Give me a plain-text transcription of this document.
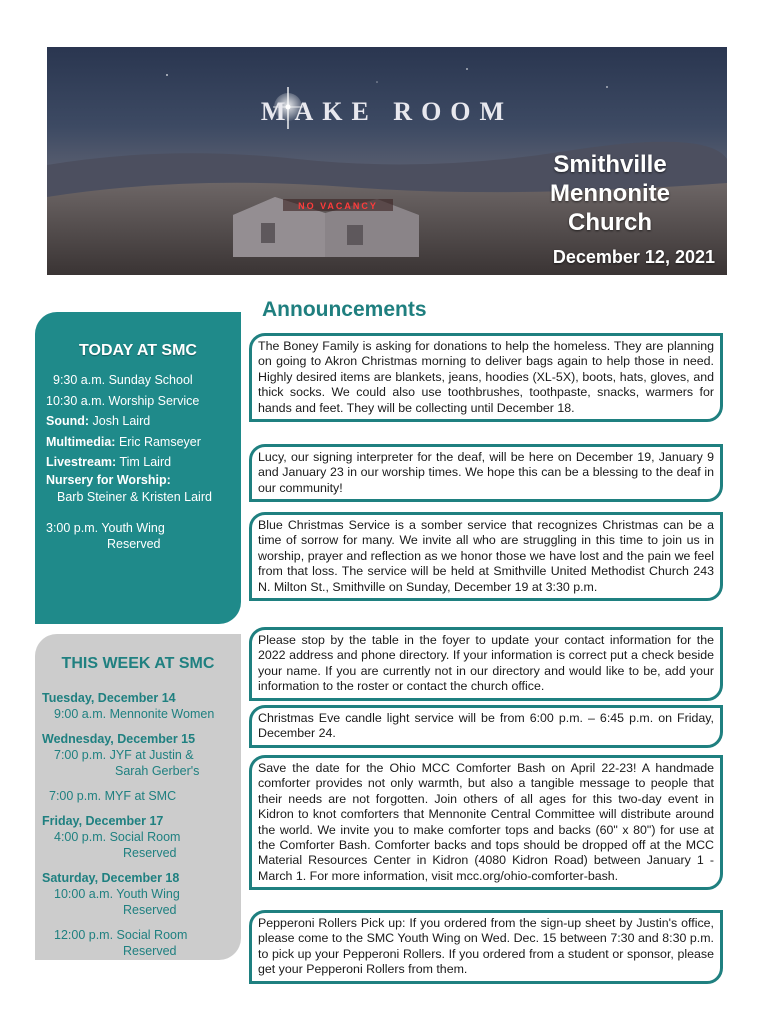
NO VACANCY
MAKE ROOM
Smithville
Mennonite
Church
December 12, 2021
TODAY AT SMC
9:30 a.m. Sunday School
10:30 a.m. Worship Service
Sound: Josh Laird
Multimedia: Eric Ramseyer
Livestream: Tim Laird
Nursery for Worship:
Barb Steiner & Kristen Laird
3:00 p.m. Youth Wing
Reserved
THIS WEEK AT SMC
Tuesday, December 14
9:00 a.m. Mennonite Women
Wednesday, December 15
7:00 p.m. JYF at Justin &
Sarah Gerber's
7:00 p.m. MYF at SMC
Friday, December 17
4:00 p.m. Social Room
Reserved
Saturday, December 18
10:00 a.m. Youth Wing
Reserved
12:00 p.m. Social Room
Reserved
Announcements

The Boney Family is asking for donations to help the homeless. They are planning on going to Akron Christmas morning to deliver bags again to help those in need. Highly desired items are blankets, jeans, hoodies (XL-5X), boots, hats, gloves, and thick socks. We could also use toothbrushes, toothpaste, snacks, warmers for hands and feet. They will be collecting until December 18.

Lucy, our signing interpreter for the deaf, will be here on December 19, January 9 and January 23 in our worship times. We hope this can be a blessing to the deaf in our community!

Blue Christmas Service is a somber service that recognizes Christmas can be a time of sorrow for many. We invite all who are struggling in this time to join us in worship, prayer and reflection as we honor those we have lost and the pain we feel from that loss. The service will be held at Smithville United Methodist Church 243 N. Milton St., Smithville on Sunday, December 19 at 3:30 p.m.

Please stop by the table in the foyer to update your contact information for the 2022 address and phone directory. If your information is correct put a check beside your name. If you are currently not in our directory and would like to be, add your information to the roster or contact the church office.

Christmas Eve candle light service will be from 6:00 p.m. – 6:45 p.m. on Friday, December 24.

Save the date for the Ohio MCC Comforter Bash on April 22-23! A handmade comforter provides not only warmth, but also a tangible message to people that their needs are not forgotten. Join others of all ages for this two-day event in Kidron to knot comforters that Mennonite Central Committee will distribute around the world. We invite you to make comforter tops and backs (60" x 80") for use at the Comforter Bash. Comforter backs and tops should be dropped off at the MCC Material Resources Center in Kidron (4080 Kidron Road) between January 1 - March 1. For more information, visit mcc.org/ohio-comforter-bash.

Pepperoni Rollers Pick up: If you ordered from the sign-up sheet by Justin's office, please come to the SMC Youth Wing on Wed. Dec. 15 between 7:30 and 8:30 p.m. to pick up your Pepperoni Rollers. If you ordered from a student or sponsor, please get your Pepperoni Rollers from them.
